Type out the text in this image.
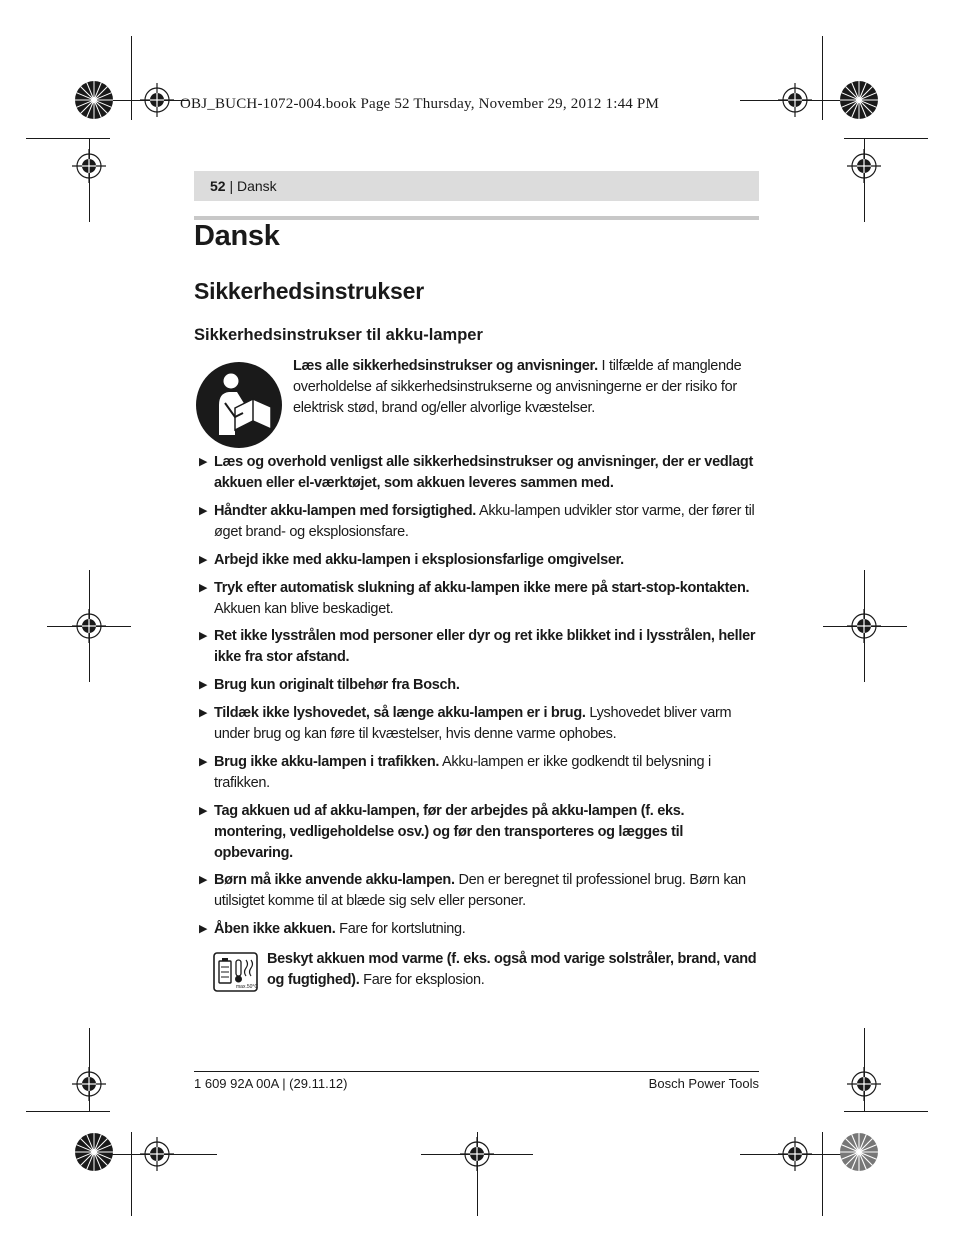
OBJ_BUCH-1072-004.book Page 52 Thursday, November 29, 2012 1:44 PM
52 | Dansk
Dansk
Sikkerhedsinstrukser
Sikkerhedsinstrukser til akku-lamper
Læs alle sikkerhedsinstrukser og anvisninger. I tilfælde af manglende overholdelse af sikkerhedsinstrukserne og anvisningerne er der risiko for elektrisk stød, brand og/eller alvorlige kvæstelser.
▶ Læs og overhold venligst alle sikkerhedsinstrukser og anvisninger, der er vedlagt akkuen eller el-værktøjet, som akkuen leveres sammen med.
▶ Håndter akku-lampen med forsigtighed. Akku-lampen udvikler stor varme, der fører til øget brand- og eksplosionsfare.
▶ Arbejd ikke med akku-lampen i eksplosionsfarlige omgivelser.
▶ Tryk efter automatisk slukning af akku-lampen ikke mere på start-stop-kontakten. Akkuen kan blive beskadiget.
▶ Ret ikke lysstrålen mod personer eller dyr og ret ikke blikket ind i lysstrålen, heller ikke fra stor afstand.
▶ Brug kun originalt tilbehør fra Bosch.
▶ Tildæk ikke lyshovedet, så længe akku-lampen er i brug. Lyshovedet bliver varm under brug og kan føre til kvæstelser, hvis denne varme ophobes.
▶ Brug ikke akku-lampen i trafikken. Akku-lampen er ikke godkendt til belysning i trafikken.
▶ Tag akkuen ud af akku-lampen, før der arbejdes på akku-lampen (f. eks. montering, vedligeholdelse osv.) og før den transporteres og lægges til opbevaring.
▶ Børn må ikke anvende akku-lampen. Den er beregnet til professionel brug. Børn kan utilsigtet komme til at blæde sig selv eller personer.
▶ Åben ikke akkuen. Fare for kortslutning.
max.50°C
Beskyt akkuen mod varme (f. eks. også mod varige solstråler, brand, vand og fugtighed). Fare for eksplosion.
1 609 92A 00A | (29.11.12)	Bosch Power Tools
